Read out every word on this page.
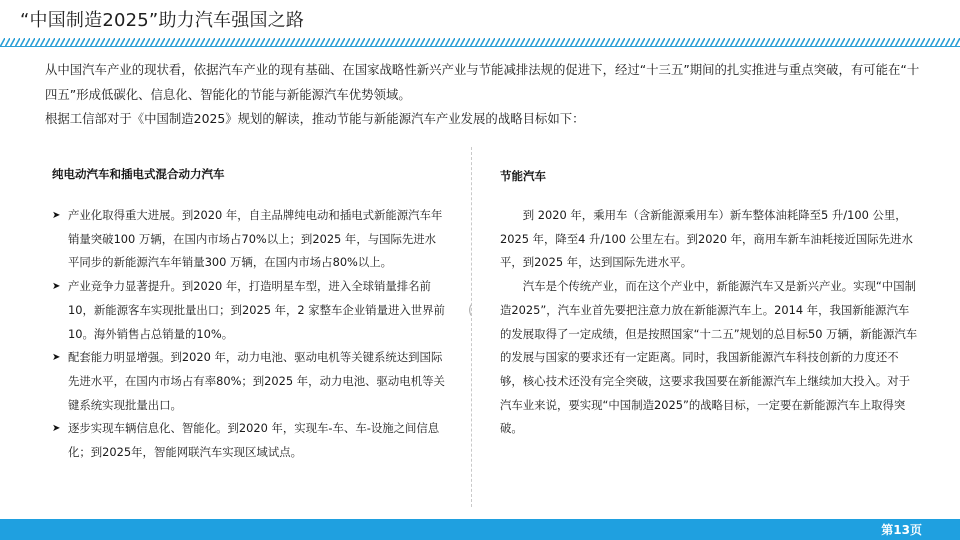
“中国制造2025”助力汽车强国之路

从中国汽车产业的现状看，依据汽车产业的现有基础、在国家战略性新兴产业与节能减排法规的促进下，经过“十三五”期间的扎实推进与重点突破，有可能在“十四五”形成低碳化、信息化、智能化的节能与新能源汽车优势领域。

根据工信部对于《中国制造2025》规划的解读，推动节能与新能源汽车产业发展的战略目标如下：

纯电动汽车和插电式混合动力汽车	节能汽车
(
➤ 产业化取得重大进展。到2020 年，自主品牌纯电动和插电式新能源汽车年销量突破100 万辆，在国内市场占70%以上；到2025 年，与国际先进水平同步的新能源汽车年销量300 万辆，在国内市场占80%以上。
➤ 产业竞争力显著提升。到2020 年，打造明星车型，进入全球销量排名前10，新能源客车实现批量出口；到2025 年，2 家整车企业销量进入世界前10。海外销售占总销量的10%。
➤ 配套能力明显增强。到2020 年，动力电池、驱动电机等关键系统达到国际先进水平，在国内市场占有率80%；到2025 年，动力电池、驱动电机等关键系统实现批量出口。
➤ 逐步实现车辆信息化、智能化。到2020 年，实现车-车、车-设施之间信息化；到2025年，智能网联汽车实现区域试点。

到 2020 年，乘用车（含新能源乘用车）新车整体油耗降至5 升/100 公里，2025 年，降至4 升/100 公里左右。到2020 年，商用车新车油耗接近国际先进水平，到2025 年，达到国际先进水平。

汽车是个传统产业，而在这个产业中，新能源汽车又是新兴产业。实现“中国制造2025”，汽车业首先要把注意力放在新能源汽车上。2014 年，我国新能源汽车的发展取得了一定成绩，但是按照国家“十二五”规划的总目标50 万辆，新能源汽车的发展与国家的要求还有一定距离。同时，我国新能源汽车科技创新的力度还不够，核心技术还没有完全突破，这要求我国要在新能源汽车上继续加大投入。对于汽车业来说，要实现“中国制造2025”的战略目标，一定要在新能源汽车上取得突破。

第13页
